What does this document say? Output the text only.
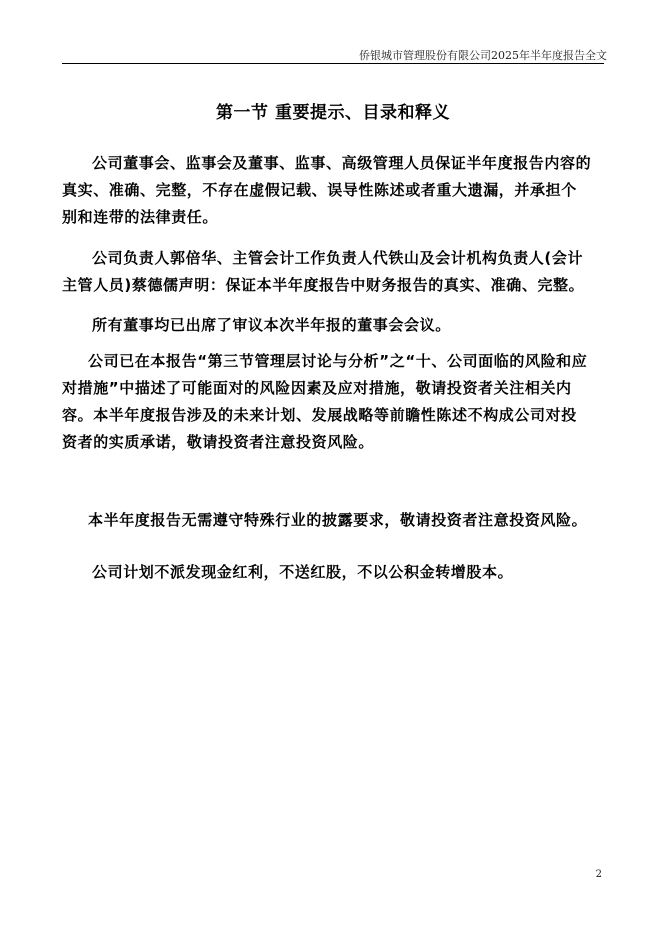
侨银城市管理股份有限公司2025年半年度报告全文
第一节 重要提示、目录和释义

公司董事会、监事会及董事、监事、高级管理人员保证半年度报告内容的真实、准确、完整，不存在虚假记载、误导性陈述或者重大遗漏，并承担个别和连带的法律责任。

公司负责人郭倍华、主管会计工作负责人代铁山及会计机构负责人(会计主管人员)蔡德儒声明：保证本半年度报告中财务报告的真实、准确、完整。

所有董事均已出席了审议本次半年报的董事会会议。

公司已在本报告“第三节管理层讨论与分析”之“十、公司面临的风险和应对措施”中描述了可能面对的风险因素及应对措施，敬请投资者关注相关内容。本半年度报告涉及的未来计划、发展战略等前瞻性陈述不构成公司对投资者的实质承诺，敬请投资者注意投资风险。

本半年度报告无需遵守特殊行业的披露要求，敬请投资者注意投资风险。

公司计划不派发现金红利，不送红股，不以公积金转增股本。

2
